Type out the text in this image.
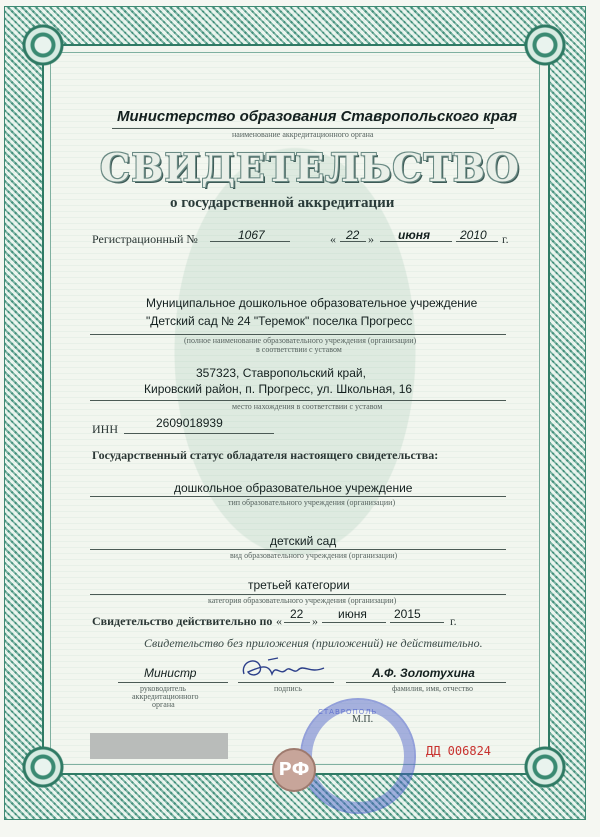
Министерство образования Ставропольского края
наименование аккредитационного органа
СВИДЕТЕЛЬСТВО
о государственной аккредитации
Регистрационный №	1067	« 22 » июня 2010 г.
Муниципальное дошкольное образовательное учреждение
"Детский сад № 24 "Теремок" поселка Прогресс
(полное наименование образовательного учреждения (организации)
в соответствии с уставом
357323, Ставропольский край,
Кировский район, п. Прогресс, ул. Школьная, 16
место нахождения в соответствии с уставом
ИНН	2609018939
Государственный статус обладателя настоящего свидетельства:
дошкольное образовательное учреждение
тип образовательного учреждения (организации)
детский сад
вид образовательного учреждения (организации)
третьей категории
категория образовательного учреждения (организации)
Свидетельство действительно по « 22 » июня 2015 г.
Свидетельство без приложения (приложений) не действительно.
Министр
руководитель
аккредитационного
органа
подпись
А.Ф. Золотухина
фамилия, имя, отчество
М.П.
СТАВРОПОЛЬ
РФ
ДД 006824
